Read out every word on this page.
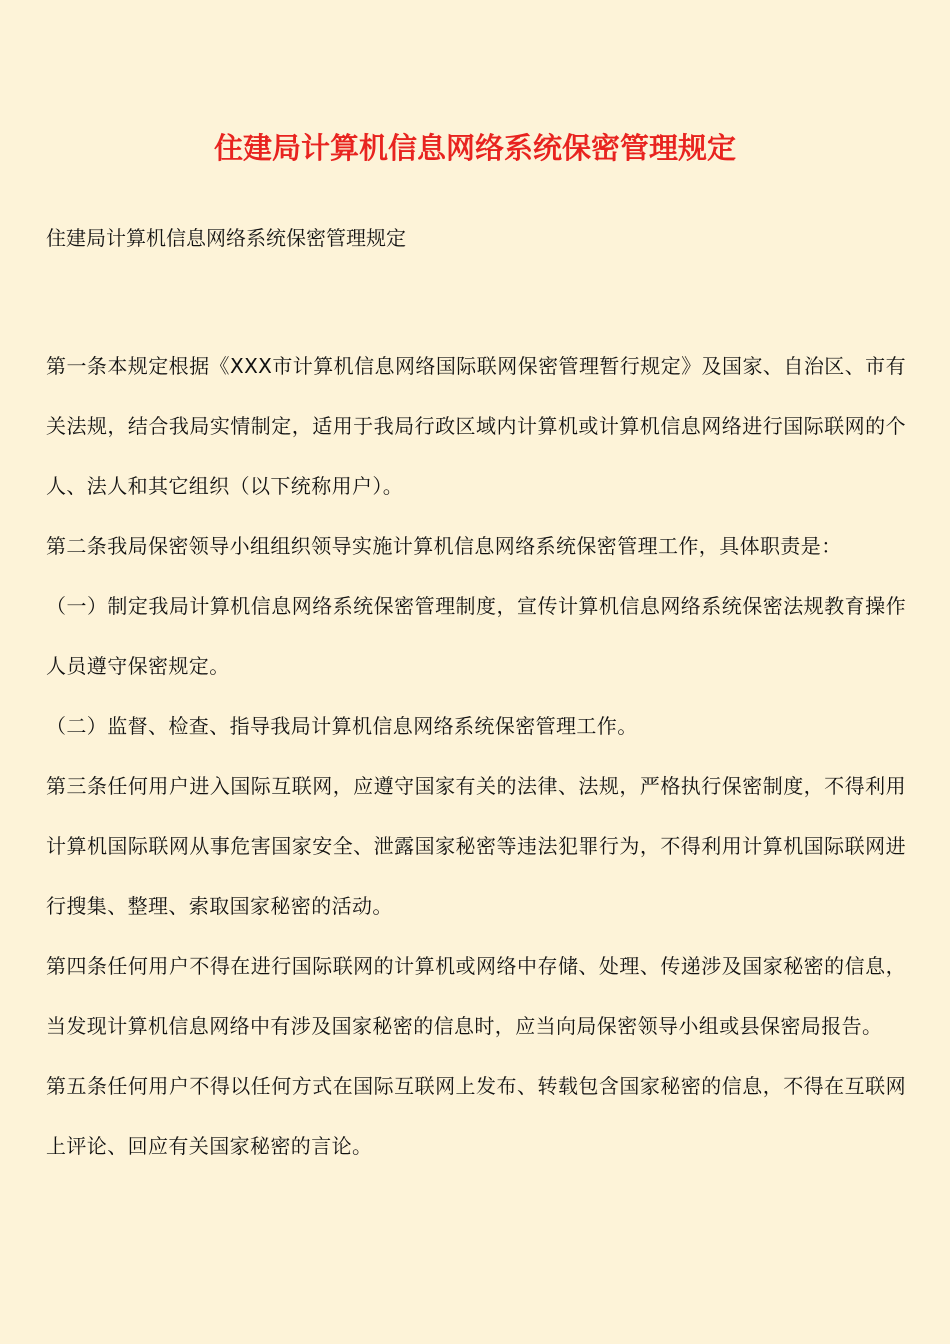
住建局计算机信息网络系统保密管理规定
住建局计算机信息网络系统保密管理规定

第一条本规定根据《XXX市计算机信息网络国际联网保密管理暂行规定》及国家、自治区、市有关法规，结合我局实情制定，适用于我局行政区域内计算机或计算机信息网络进行国际联网的个人、法人和其它组织（以下统称用户）。

第二条我局保密领导小组组织领导实施计算机信息网络系统保密管理工作，具体职责是：

（一）制定我局计算机信息网络系统保密管理制度，宣传计算机信息网络系统保密法规教育操作人员遵守保密规定。

（二）监督、检查、指导我局计算机信息网络系统保密管理工作。

第三条任何用户进入国际互联网，应遵守国家有关的法律、法规，严格执行保密制度，不得利用计算机国际联网从事危害国家安全、泄露国家秘密等违法犯罪行为，不得利用计算机国际联网进行搜集、整理、索取国家秘密的活动。

第四条任何用户不得在进行国际联网的计算机或网络中存储、处理、传递涉及国家秘密的信息，当发现计算机信息网络中有涉及国家秘密的信息时，应当向局保密领导小组或县保密局报告。

第五条任何用户不得以任何方式在国际互联网上发布、转载包含国家秘密的信息，不得在互联网上评论、回应有关国家秘密的言论。
